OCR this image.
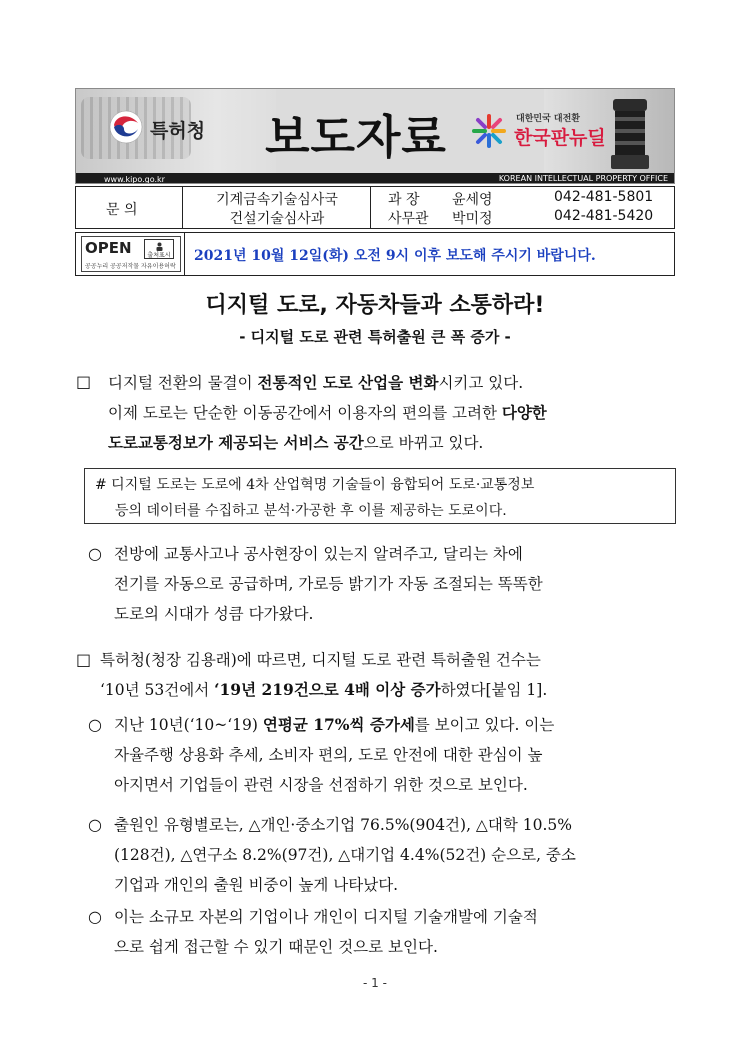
특허청 보도자료	대한민국 대전환
한국판뉴딜
www.kipo.go.kr	KOREAN INTELLECTUAL PROPERTY OFFICE
문 의
기계금속기술심사국
건설기술심사과
과 장 윤세영	042-481-5801
사무관 박미정	042-481-5420
OPEN	출처표시
공공누리 공공저작물 자유이용허락
2021년 10월 12일(화) 오전 9시 이후 보도해 주시기 바랍니다.
디지털 도로, 자동차들과 소통하라!
- 디지털 도로 관련 특허출원 큰 폭 증가 -
□ 디지털 전환의 물결이 전통적인 도로 산업을 변화시키고 있다.
이제 도로는 단순한 이동공간에서 이용자의 편의를 고려한 다양한
도로교통정보가 제공되는 서비스 공간으로 바뀌고 있다.
# 디지털 도로는 도로에 4차 산업혁명 기술들이 융합되어 도로·교통정보
등의 데이터를 수집하고 분석·가공한 후 이를 제공하는 도로이다.
○ 전방에 교통사고나 공사현장이 있는지 알려주고, 달리는 차에
전기를 자동으로 공급하며, 가로등 밝기가 자동 조절되는 똑똑한
도로의 시대가 성큼 다가왔다.
□ 특허청(청장 김용래)에 따르면, 디지털 도로 관련 특허출원 건수는
‘10년 53건에서 ‘19년 219건으로 4배 이상 증가하였다[붙임 1].
○ 지난 10년(‘10~‘19) 연평균 17%씩 증가세를 보이고 있다. 이는
자율주행 상용화 추세, 소비자 편의, 도로 안전에 대한 관심이 높
아지면서 기업들이 관련 시장을 선점하기 위한 것으로 보인다.
○ 출원인 유형별로는, △개인·중소기업 76.5%(904건), △대학 10.5%
(128건), △연구소 8.2%(97건), △대기업 4.4%(52건) 순으로, 중소
기업과 개인의 출원 비중이 높게 나타났다.
○ 이는 소규모 자본의 기업이나 개인이 디지털 기술개발에 기술적
으로 쉽게 접근할 수 있기 때문인 것으로 보인다.
- 1 -
